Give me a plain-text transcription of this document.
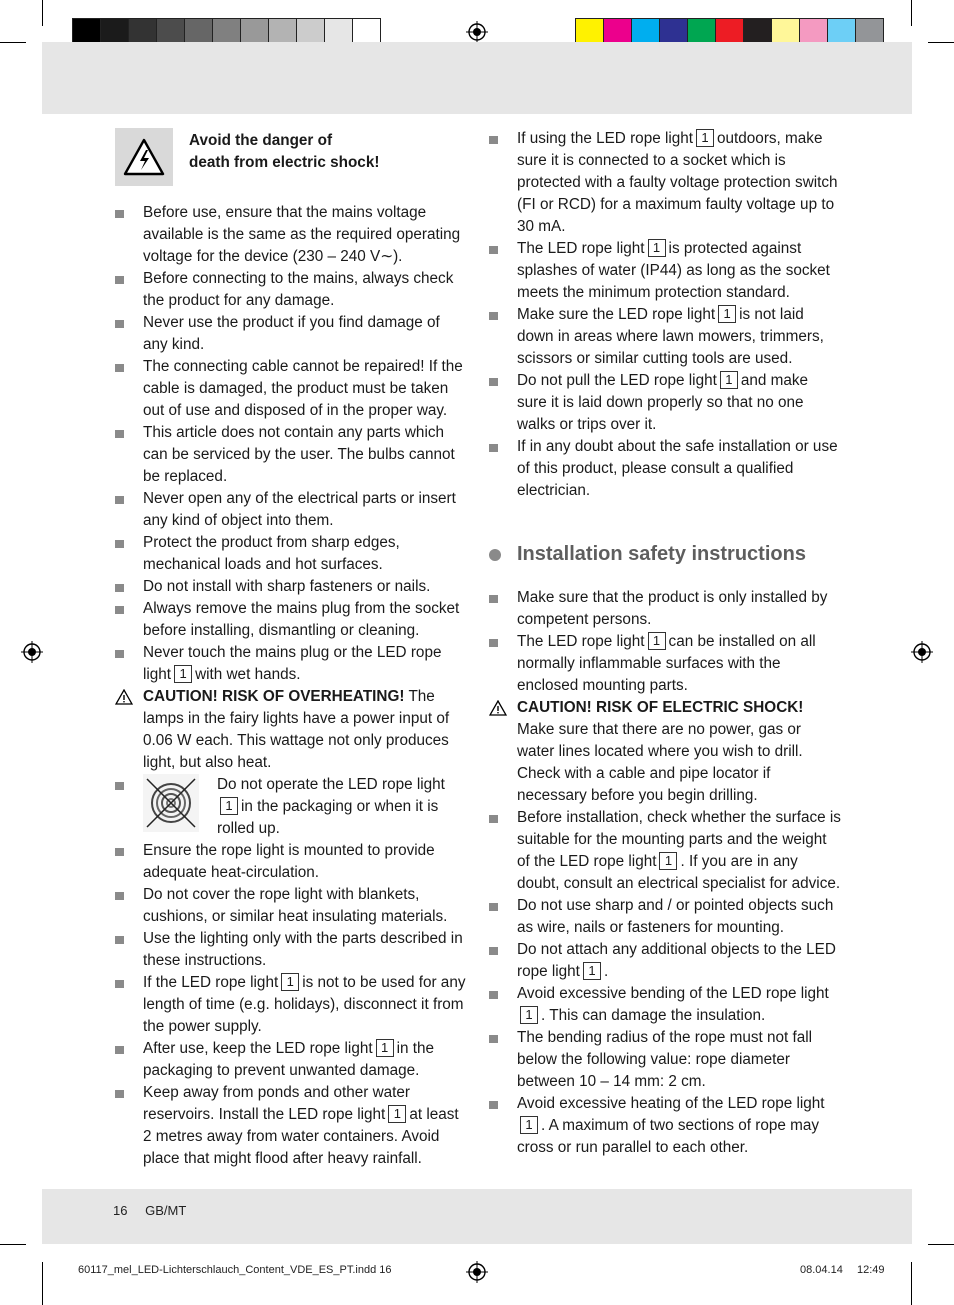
Avoid the danger of
death from electric shock!
Before use, ensure that the mains voltage available is the same as the required operating voltage for the device (230 – 240 V∼).
Before connecting to the mains, always check the product for any damage.
Never use the product if you find damage of any kind.
The connecting cable cannot be repaired! If the cable is damaged, the product must be taken out of use and disposed of in the proper way.
This article does not contain any parts which can be serviced by the user. The bulbs cannot be replaced.
Never open any of the electrical parts or insert any kind of object into them.
Protect the product from sharp edges, mechanical loads and hot surfaces.
Do not install with sharp fasteners or nails.
Always remove the mains plug from the socket before installing, dismantling or cleaning.
Never touch the mains plug or the LED rope light 1 with wet hands.
CAUTION! RISK OF OVERHEATING! The lamps in the fairy lights have a power input of 0.06 W each. This wattage not only produces light, but also heat.
Do not operate the LED rope light1 in the packaging or when it is rolled up.
Ensure the rope light is mounted to provide adequate heat-circulation.
Do not cover the rope light with blankets, cushions, or similar heat insulating materials.
Use the lighting only with the parts described in these instructions.
If the LED rope light 1 is not to be used for any length of time (e.g. holidays), disconnect it from the power supply.
After use, keep the LED rope light 1 in the packaging to prevent unwanted damage.
Keep away from ponds and other water reservoirs. Install the LED rope light 1 at least 2 metres away from water containers. Avoid place that might flood after heavy rainfall.
If using the LED rope light 1 outdoors, make sure it is connected to a socket which is protected with a faulty voltage protection switch (FI or RCD) for a maximum faulty voltage up to 30 mA.
The LED rope light 1 is protected against splashes of water (IP44) as long as the socket meets the minimum protection standard.
Make sure the LED rope light 1 is not laid down in areas where lawn mowers, trimmers, scissors or similar cutting tools are used.
Do not pull the LED rope light 1 and make sure it is laid down properly so that no one walks or trips over it.
If in any doubt about the safe installation or use of this product, please consult a qualified electrician.
Installation safety instructions
Make sure that the product is only installed by competent persons.
The LED rope light 1 can be installed on all normally inflammable surfaces with the enclosed mounting parts.
CAUTION! RISK OF ELECTRIC SHOCK! Make sure that there are no power, gas or water lines located where you wish to drill. Check with a cable and pipe locator if necessary before you begin drilling.
Before installation, check whether the surface is suitable for the mounting parts and the weight of the LED rope light 1 . If you are in any doubt, consult an electrical specialist for advice.
Do not use sharp and / or pointed objects such as wire, nails or fasteners for mounting.
Do not attach any additional objects to the LED rope light 1 .
Avoid excessive bending of the LED rope light1 . This can damage the insulation.
The bending radius of the rope must not fall below the following value: rope diameter between 10 – 14 mm: 2 cm.
Avoid excessive heating of the LED rope light1 . A maximum of two sections of rope may cross or run parallel to each other.
16 GB/MT
60117_mel_LED-Lichterschlauch_Content_VDE_ES_PT.indd 16	08.04.14 12:49
